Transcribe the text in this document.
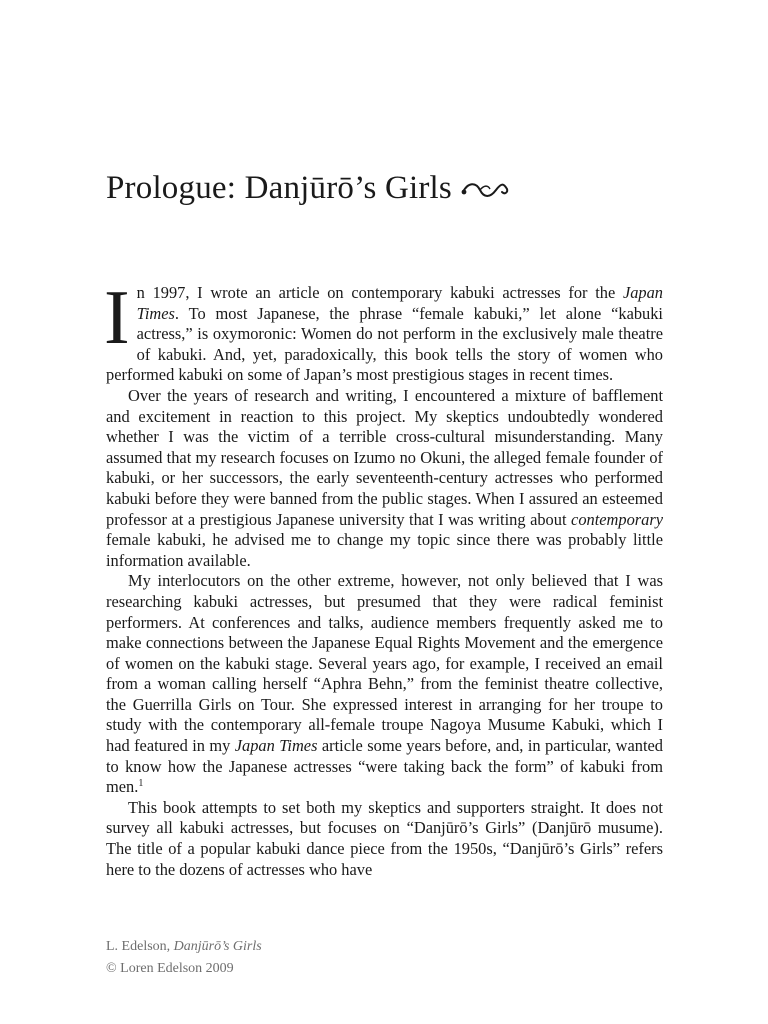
Prologue: Danjūrō’s Girls

In 1997, I wrote an article on contemporary kabuki actresses for the Japan Times. To most Japanese, the phrase “female kabuki,” let alone “kabuki actress,” is oxymoronic: Women do not perform in the exclusively male theatre of kabuki. And, yet, paradoxically, this book tells the story of women who performed kabuki on some of Japan’s most prestigious stages in recent times.

Over the years of research and writing, I encountered a mixture of bafflement and excitement in reaction to this project. My skeptics undoubtedly wondered whether I was the victim of a terrible cross-cultural misunderstanding. Many assumed that my research focuses on Izumo no Okuni, the alleged female founder of kabuki, or her successors, the early seventeenth-century actresses who performed kabuki before they were banned from the public stages. When I assured an esteemed professor at a prestigious Japanese university that I was writing about contemporary female kabuki, he advised me to change my topic since there was probably little information available.

My interlocutors on the other extreme, however, not only believed that I was researching kabuki actresses, but presumed that they were radical feminist performers. At conferences and talks, audience members frequently asked me to make connections between the Japanese Equal Rights Movement and the emergence of women on the kabuki stage. Several years ago, for example, I received an email from a woman calling herself “Aphra Behn,” from the feminist theatre collective, the Guerrilla Girls on Tour. She expressed interest in arranging for her troupe to study with the contemporary all-female troupe Nagoya Musume Kabuki, which I had featured in my Japan Times article some years before, and, in particular, wanted to know how the Japanese actresses “were taking back the form” of kabuki from men.$^1$

This book attempts to set both my skeptics and supporters straight. It does not survey all kabuki actresses, but focuses on “Danjūrō’s Girls” (Danjūrō musume). The title of a popular kabuki dance piece from the 1950s, “Danjūrō’s Girls” refers here to the dozens of actresses who have

L. Edelson, Danjūrō’s Girls
© Loren Edelson 2009
